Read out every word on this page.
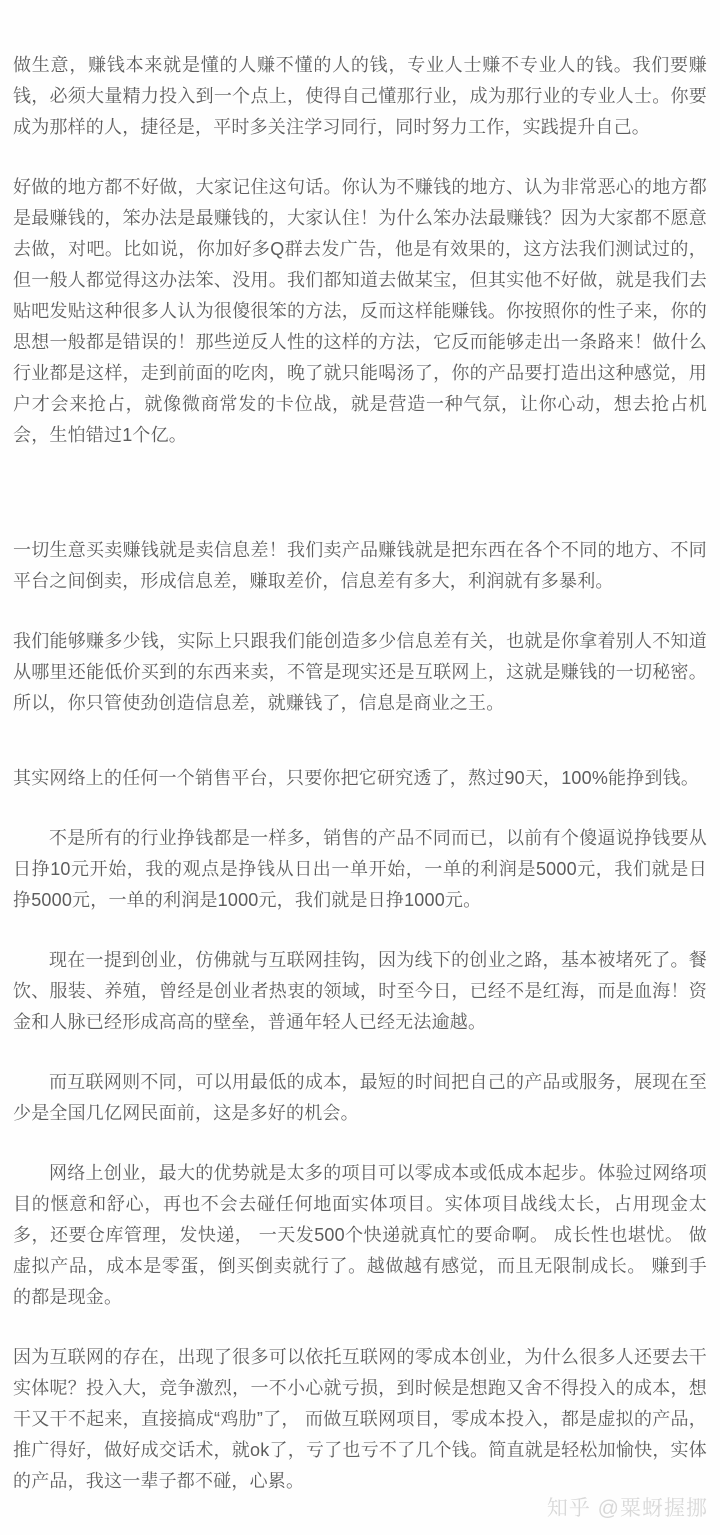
做生意，赚钱本来就是懂的人赚不懂的人的钱，专业人士赚不专业人的钱。我们要赚钱，必须大量精力投入到一个点上，使得自己懂那行业，成为那行业的专业人士。你要成为那样的人，捷径是，平时多关注学习同行，同时努力工作，实践提升自己。

好做的地方都不好做，大家记住这句话。你认为不赚钱的地方、认为非常恶心的地方都是最赚钱的，笨办法是最赚钱的，大家认住！为什么笨办法最赚钱？因为大家都不愿意去做，对吧。比如说，你加好多Q群去发广告，他是有效果的，这方法我们测试过的，但一般人都觉得这办法笨、没用。我们都知道去做某宝，但其实他不好做，就是我们去贴吧发贴这种很多人认为很傻很笨的方法，反而这样能赚钱。你按照你的性子来，你的思想一般都是错误的！那些逆反人性的这样的方法，它反而能够走出一条路来！做什么行业都是这样，走到前面的吃肉，晚了就只能喝汤了，你的产品要打造出这种感觉，用户才会来抢占，就像微商常发的卡位战，就是营造一种气氛，让你心动，想去抢占机会，生怕错过1个亿。

一切生意买卖赚钱就是卖信息差！我们卖产品赚钱就是把东西在各个不同的地方、不同平台之间倒卖，形成信息差，赚取差价，信息差有多大，利润就有多暴利。

我们能够赚多少钱，实际上只跟我们能创造多少信息差有关，也就是你拿着别人不知道从哪里还能低价买到的东西来卖，不管是现实还是互联网上，这就是赚钱的一切秘密。所以，你只管使劲创造信息差，就赚钱了，信息是商业之王。

其实网络上的任何一个销售平台，只要你把它研究透了，熬过90天，100%能挣到钱。

不是所有的行业挣钱都是一样多，销售的产品不同而已，以前有个傻逼说挣钱要从日挣10元开始，我的观点是挣钱从日出一单开始，一单的利润是5000元，我们就是日挣5000元，一单的利润是1000元，我们就是日挣1000元。

现在一提到创业，仿佛就与互联网挂钩，因为线下的创业之路，基本被堵死了。餐饮、服装、养殖，曾经是创业者热衷的领域，时至今日，已经不是红海，而是血海！资金和人脉已经形成高高的壁垒，普通年轻人已经无法逾越。

而互联网则不同，可以用最低的成本，最短的时间把自己的产品或服务，展现在至少是全国几亿网民面前，这是多好的机会。

网络上创业，最大的优势就是太多的项目可以零成本或低成本起步。体验过网络项目的惬意和舒心，再也不会去碰任何地面实体项目。实体项目战线太长，占用现金太多，还要仓库管理，发快递， 一天发500个快递就真忙的要命啊。 成长性也堪忧。 做虚拟产品，成本是零蛋，倒买倒卖就行了。越做越有感觉，而且无限制成长。 赚到手的都是现金。

因为互联网的存在，出现了很多可以依托互联网的零成本创业，为什么很多人还要去干实体呢？投入大，竞争激烈，一不小心就亏损，到时候是想跑又舍不得投入的成本，想干又干不起来，直接搞成“鸡肋”了， 而做互联网项目，零成本投入，都是虚拟的产品，推广得好，做好成交话术，就ok了，亏了也亏不了几个钱。简直就是轻松加愉快，实体的产品，我这一辈子都不碰，心累。

知乎 @粟蚜握挪
